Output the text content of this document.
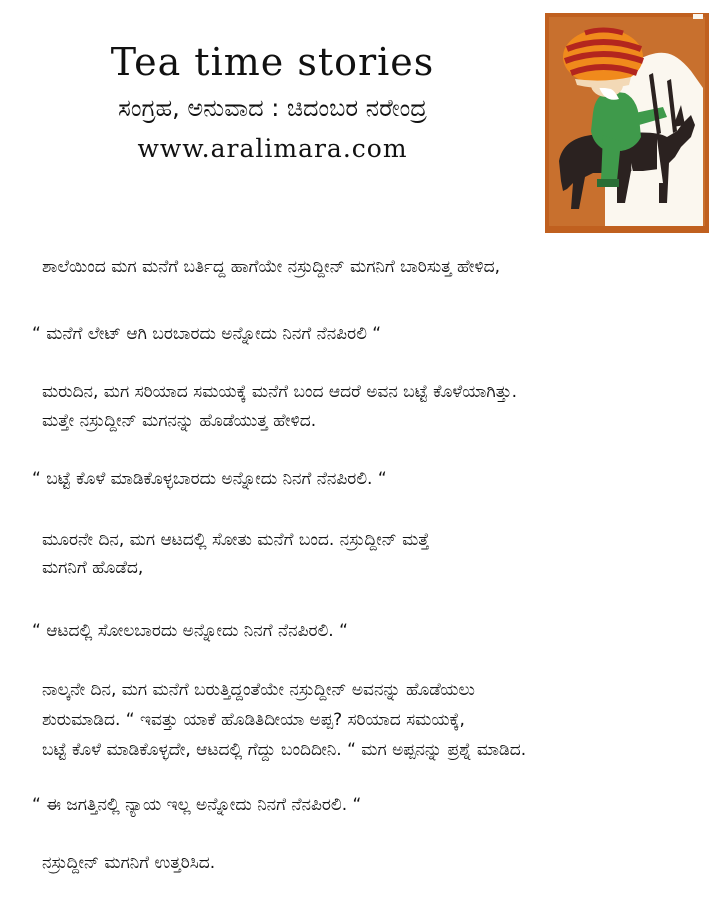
Tea time stories
ಸಂಗ್ರಹ, ಅನುವಾದ : ಚಿದಂಬರ ನರೇಂದ್ರ
www.aralimara.com
ಶಾಲೆಯಿಂದ ಮಗ ಮನೆಗೆ ಬರ್ತಿದ್ದ ಹಾಗೆಯೇ ನಸ್ರುದ್ದೀನ್ ಮಗನಿಗೆ ಬಾರಿಸುತ್ತ ಹೇಳಿದ,
“ ಮನೆಗೆ ಲೇಟ್ ಆಗಿ ಬರಬಾರದು ಅನ್ನೋದು ನಿನಗೆ ನೆನಪಿರಲಿ “
ಮರುದಿನ, ಮಗ ಸರಿಯಾದ ಸಮಯಕ್ಕೆ ಮನೆಗೆ ಬಂದ ಆದರೆ ಅವನ ಬಟ್ಟೆ ಕೊಳೆಯಾಗಿತ್ತು.
ಮತ್ತೇ ನಸ್ರುದ್ದೀನ್ ಮಗನನ್ನು ಹೊಡೆಯುತ್ತ ಹೇಳಿದ.
“ ಬಟ್ಟೆ ಕೊಳೆ ಮಾಡಿಕೊಳ್ಳಬಾರದು ಅನ್ನೋದು ನಿನಗೆ ನೆನಪಿರಲಿ. “
ಮೂರನೇ ದಿನ, ಮಗ ಆಟದಲ್ಲಿ ಸೋತು ಮನೆಗೆ ಬಂದ. ನಸ್ರುದ್ದೀನ್ ಮತ್ತೆ
ಮಗನಿಗೆ ಹೊಡೆದ,
“ ಆಟದಲ್ಲಿ ಸೋಲಬಾರದು ಅನ್ನೋದು ನಿನಗೆ ನೆನಪಿರಲಿ. “
ನಾಲ್ಕನೇ ದಿನ, ಮಗ ಮನೆಗೆ ಬರುತ್ತಿದ್ದಂತೆಯೇ ನಸ್ರುದ್ದೀನ್ ಅವನನ್ನು ಹೊಡೆಯಲು
ಶುರುಮಾಡಿದ. “ ಇವತ್ತು ಯಾಕೆ ಹೊಡಿತಿದೀಯಾ ಅಪ್ಪ? ಸರಿಯಾದ ಸಮಯಕ್ಕೆ,
ಬಟ್ಟೆ ಕೊಳೆ ಮಾಡಿಕೊಳ್ಳದೇ, ಆಟದಲ್ಲಿ ಗೆದ್ದು ಬಂದಿದೀನಿ. “ ಮಗ ಅಪ್ಪನನ್ನು ಪ್ರಶ್ನೆ ಮಾಡಿದ.
“ ಈ ಜಗತ್ತಿನಲ್ಲಿ ನ್ಯಾಯ ಇಲ್ಲ ಅನ್ನೋದು ನಿನಗೆ ನೆನಪಿರಲಿ. “
ನಸ್ರುದ್ದೀನ್ ಮಗನಿಗೆ ಉತ್ತರಿಸಿದ.
